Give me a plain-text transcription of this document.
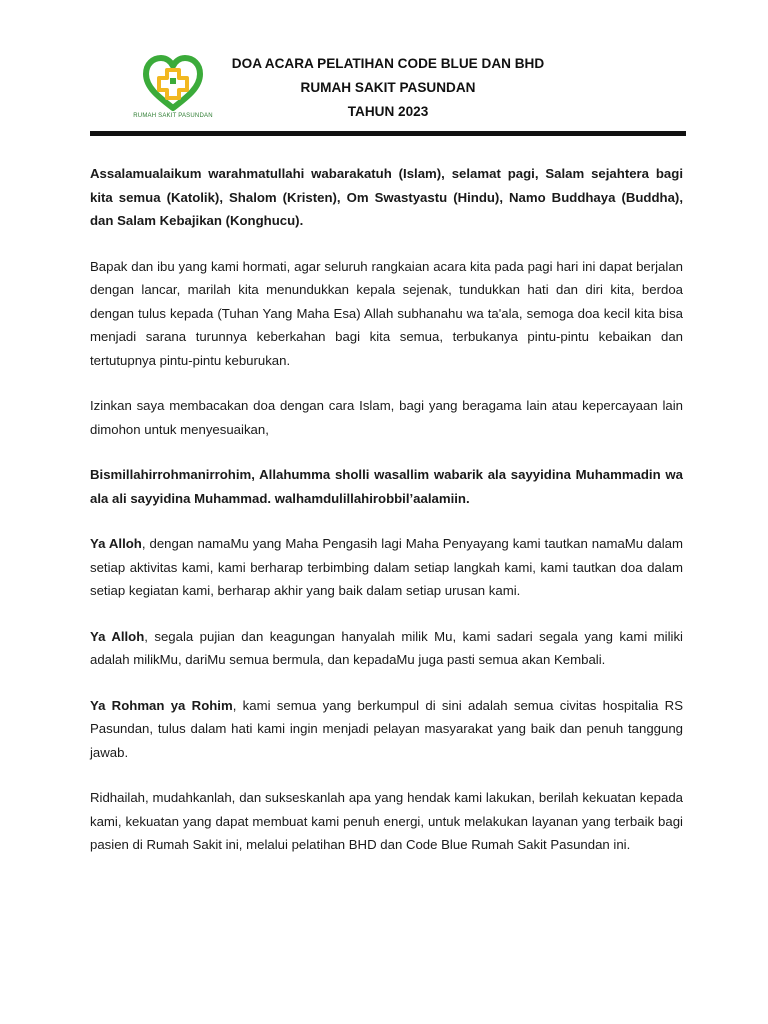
RUMAH SAKIT PASUNDAN
DOA ACARA PELATIHAN CODE BLUE DAN BHD
RUMAH SAKIT PASUNDAN
TAHUN 2023

Assalamualaikum warahmatullahi wabarakatuh (Islam), selamat pagi, Salam sejahtera bagi kita semua (Katolik), Shalom (Kristen), Om Swastyastu (Hindu), Namo Buddhaya (Buddha), dan Salam Kebajikan (Konghucu).

Bapak dan ibu yang kami hormati, agar seluruh rangkaian acara kita pada pagi hari ini dapat berjalan dengan lancar, marilah kita menundukkan kepala sejenak, tundukkan hati dan diri kita, berdoa dengan tulus kepada (Tuhan Yang Maha Esa) Allah subhanahu wa ta'ala, semoga doa kecil kita bisa menjadi sarana turunnya keberkahan bagi kita semua, terbukanya pintu-pintu kebaikan dan tertutupnya pintu-pintu keburukan.

Izinkan saya membacakan doa dengan cara Islam, bagi yang beragama lain atau kepercayaan lain dimohon untuk menyesuaikan,

Bismillahirrohmanirrohim, Allahumma sholli wasallim wabarik ala sayyidina Muhammadin wa ala ali sayyidina Muhammad. walhamdulillahirobbil’aalamiin.

Ya Alloh, dengan namaMu yang Maha Pengasih lagi Maha Penyayang kami tautkan namaMu dalam setiap aktivitas kami, kami berharap terbimbing dalam setiap langkah kami, kami tautkan doa dalam setiap kegiatan kami, berharap akhir yang baik dalam setiap urusan kami.

Ya Alloh, segala pujian dan keagungan hanyalah milik Mu, kami sadari segala yang kami miliki adalah milikMu, dariMu semua bermula, dan kepadaMu juga pasti semua akan Kembali.

Ya Rohman ya Rohim, kami semua yang berkumpul di sini adalah semua civitas hospitalia RS Pasundan, tulus dalam hati kami ingin menjadi pelayan masyarakat yang baik dan penuh tanggung jawab.

Ridhailah, mudahkanlah, dan sukseskanlah apa yang hendak kami lakukan, berilah kekuatan kepada kami, kekuatan yang dapat membuat kami penuh energi, untuk melakukan layanan yang terbaik bagi pasien di Rumah Sakit ini, melalui pelatihan BHD dan Code Blue Rumah Sakit Pasundan ini.
